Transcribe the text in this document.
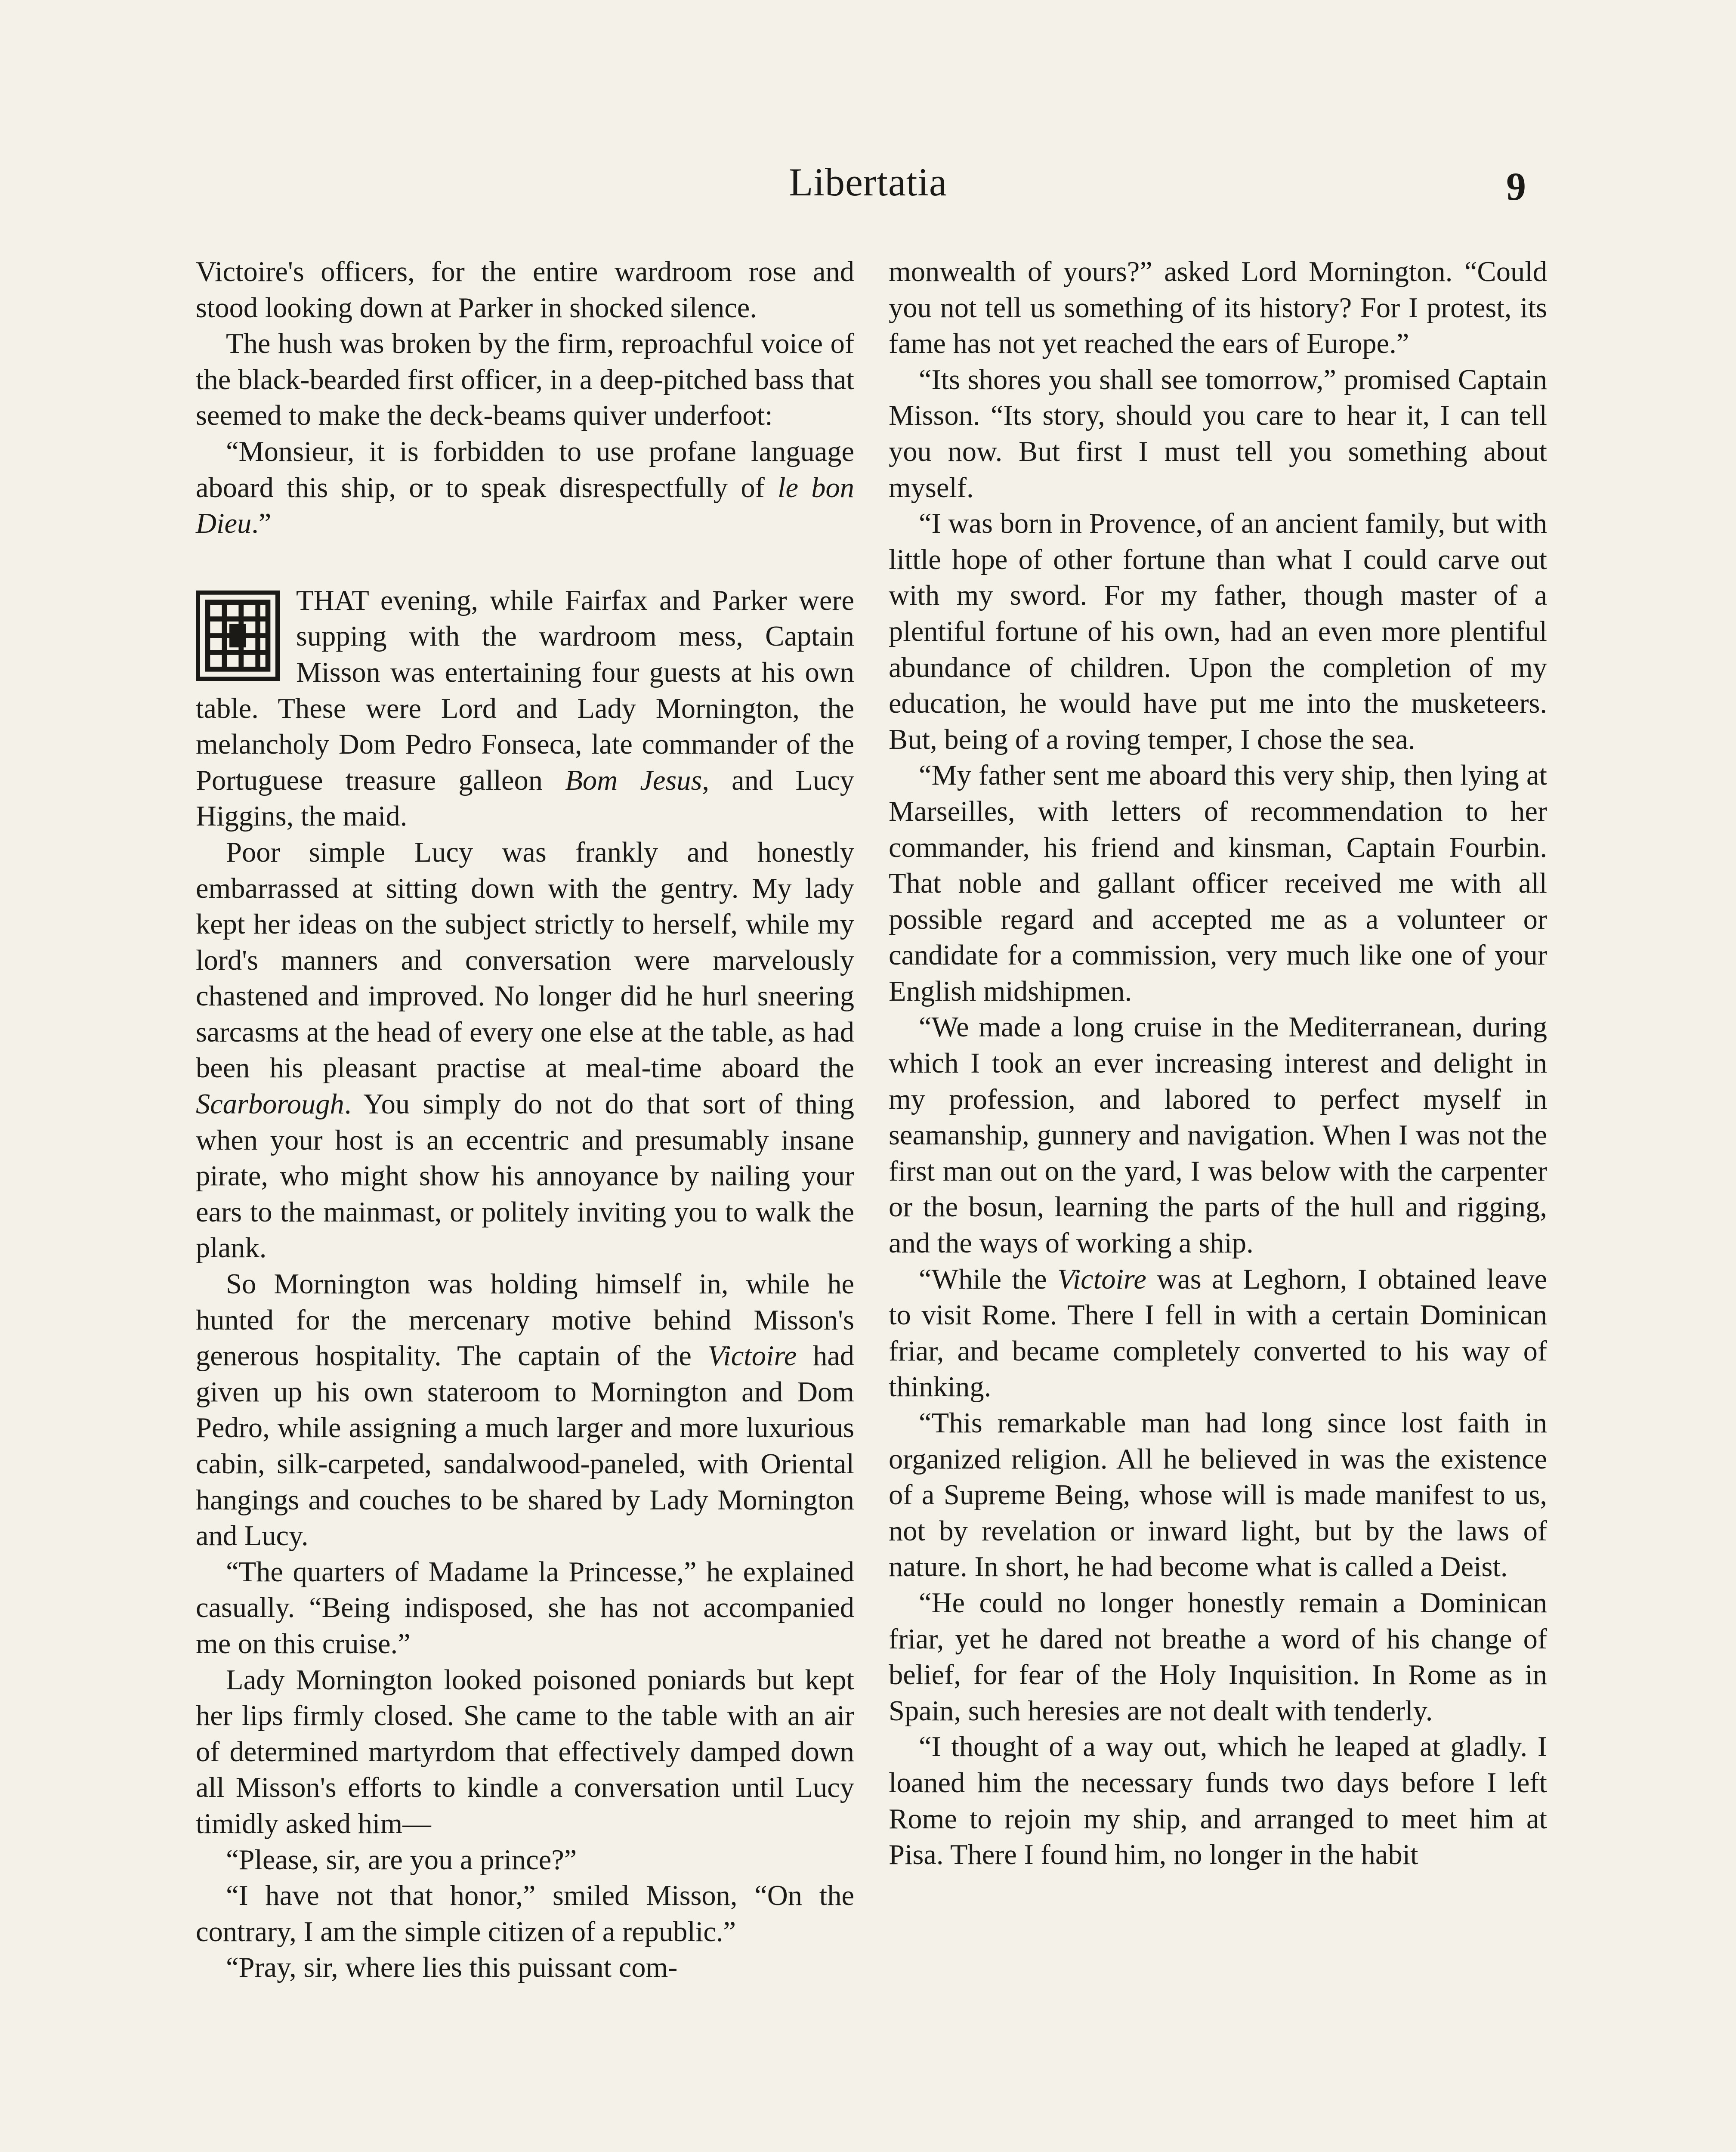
Libertatia	9

Victoire's officers, for the entire wardroom rose and stood looking down at Parker in shocked silence.

The hush was broken by the firm, reproachful voice of the black-bearded first officer, in a deep-pitched bass that seemed to make the deck-beams quiver underfoot:

“Monsieur, it is forbidden to use profane language aboard this ship, or to speak disrespectfully of le bon Dieu.”

THAT evening, while Fairfax and Parker were supping with the wardroom mess, Captain Misson was entertaining four guests at his own table. These were Lord and Lady Mornington, the melancholy Dom Pedro Fonseca, late commander of the Portuguese treasure galleon Bom Jesus, and Lucy Higgins, the maid.

Poor simple Lucy was frankly and honestly embarrassed at sitting down with the gentry. My lady kept her ideas on the subject strictly to herself, while my lord's manners and conversation were marvelously chastened and improved. No longer did he hurl sneering sarcasms at the head of every one else at the table, as had been his pleasant practise at meal-time aboard the Scarborough. You simply do not do that sort of thing when your host is an eccentric and presumably insane pirate, who might show his annoyance by nailing your ears to the mainmast, or politely inviting you to walk the plank.

So Mornington was holding himself in, while he hunted for the mercenary motive behind Misson's generous hospitality. The captain of the Victoire had given up his own stateroom to Mornington and Dom Pedro, while assigning a much larger and more luxurious cabin, silk-carpeted, sandalwood-paneled, with Oriental hangings and couches to be shared by Lady Mornington and Lucy.

“The quarters of Madame la Princesse,” he explained casually. “Being indisposed, she has not accompanied me on this cruise.”

Lady Mornington looked poisoned poniards but kept her lips firmly closed. She came to the table with an air of determined martyrdom that effectively damped down all Misson's efforts to kindle a conversation until Lucy timidly asked him—

“Please, sir, are you a prince?”

“I have not that honor,” smiled Misson, “On the contrary, I am the simple citizen of a republic.”

“Pray, sir, where lies this puissant com-

monwealth of yours?” asked Lord Mornington. “Could you not tell us something of its history? For I protest, its fame has not yet reached the ears of Europe.”

“Its shores you shall see tomorrow,” promised Captain Misson. “Its story, should you care to hear it, I can tell you now. But first I must tell you something about myself.

“I was born in Provence, of an ancient family, but with little hope of other fortune than what I could carve out with my sword. For my father, though master of a plentiful fortune of his own, had an even more plentiful abundance of children. Upon the completion of my education, he would have put me into the musketeers. But, being of a roving temper, I chose the sea.

“My father sent me aboard this very ship, then lying at Marseilles, with letters of recommendation to her commander, his friend and kinsman, Captain Fourbin. That noble and gallant officer received me with all possible regard and accepted me as a volunteer or candidate for a commission, very much like one of your English midshipmen.

“We made a long cruise in the Mediterranean, during which I took an ever increasing interest and delight in my profession, and labored to perfect myself in seamanship, gunnery and navigation. When I was not the first man out on the yard, I was below with the carpenter or the bosun, learning the parts of the hull and rigging, and the ways of working a ship.

“While the Victoire was at Leghorn, I obtained leave to visit Rome. There I fell in with a certain Dominican friar, and became completely converted to his way of thinking.

“This remarkable man had long since lost faith in organized religion. All he believed in was the existence of a Supreme Being, whose will is made manifest to us, not by revelation or inward light, but by the laws of nature. In short, he had become what is called a Deist.

“He could no longer honestly remain a Dominican friar, yet he dared not breathe a word of his change of belief, for fear of the Holy Inquisition. In Rome as in Spain, such heresies are not dealt with tenderly.

“I thought of a way out, which he leaped at gladly. I loaned him the necessary funds two days before I left Rome to rejoin my ship, and arranged to meet him at Pisa. There I found him, no longer in the habit
